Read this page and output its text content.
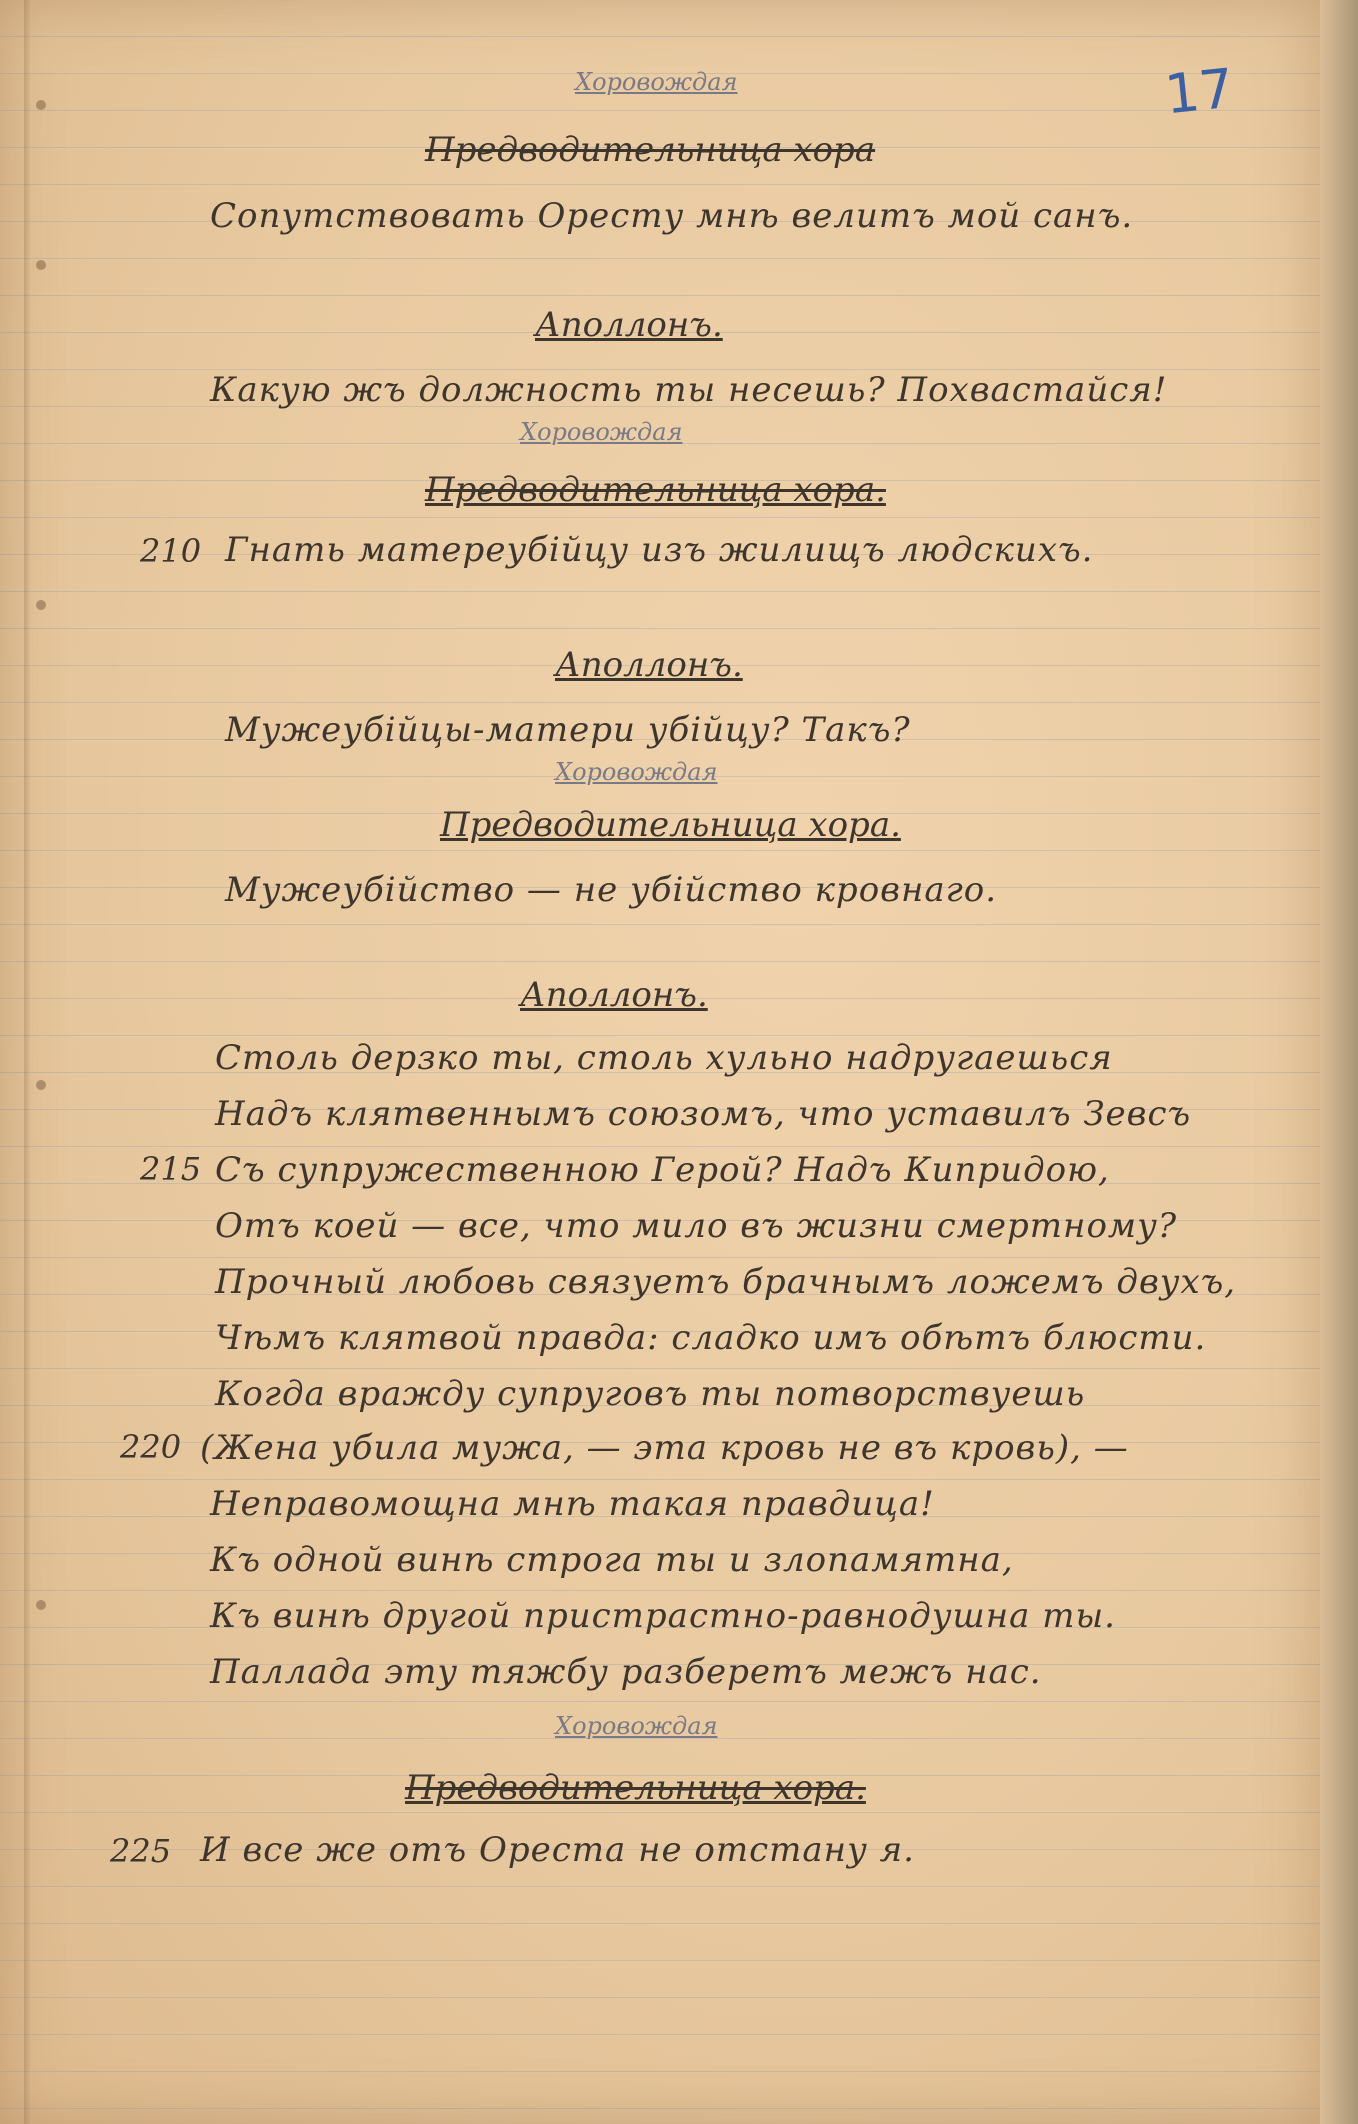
17
Хоровождая
Предводительница хора
Сопутствовать Оресту мнѣ велитъ мой санъ.
Аполлонъ.
Какую жъ должность ты несешь? Похвастайся!
Хоровождая
Предводительница хора.
210 Гнать матереубійцу изъ жилищъ людскихъ.
Аполлонъ.
Мужеубійцы-матери убійцу? Такъ?
Хоровождая
Предводительница хора.
Мужеубійство — не убійство кровнаго.
Аполлонъ.
Столь дерзко ты, столь хульно надругаешься
Надъ клятвеннымъ союзомъ, что уставилъ Зевсъ
215 Съ супружественною Герой? Надъ Кипридою,
Отъ коей — все, что мило въ жизни смертному?
Прочный любовь связуетъ брачнымъ ложемъ двухъ,
Чѣмъ клятвой правда: сладко имъ обѣтъ блюсти.
Когда вражду супруговъ ты потворствуешь
220 (Жена убила мужа, — эта кровь не въ кровь), —
Неправомощна мнѣ такая правдица!
Къ одной винѣ строга ты и злопамятна,
Къ винѣ другой пристрастно-равнодушна ты.
Паллада эту тяжбу разберетъ межъ нас.
Хоровождая
Предводительница хора.
225 И все же отъ Ореста не отстану я.
